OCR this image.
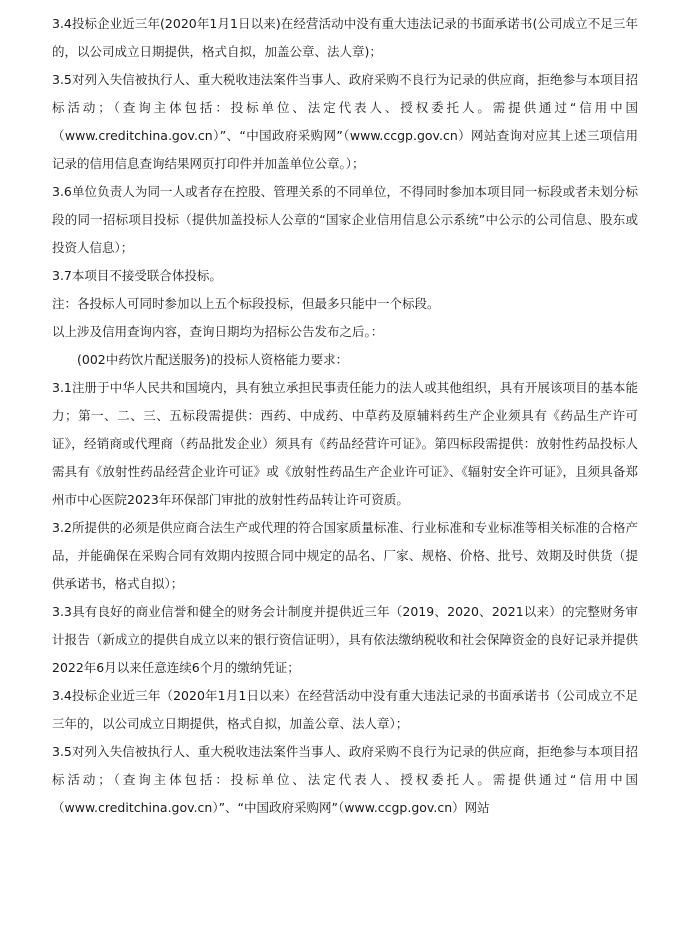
3.4投标企业近三年(2020年1月1日以来)在经营活动中没有重大违法记录的书面承诺书(公司成立不足三年的，以公司成立日期提供，格式自拟，加盖公章、法人章)；

3.5对列入失信被执行人、重大税收违法案件当事人、政府采购不良行为记录的供应商，拒绝参与本项目招标活动；（查询主体包括：投标单位、法定代表人、授权委托人。需提供通过“信用中国（www.creditchina.gov.cn）”、“中国政府采购网”（www.ccgp.gov.cn）网站查询对应其上述三项信用记录的信用信息查询结果网页打印件并加盖单位公章。）；

3.6单位负责人为同一人或者存在控股、管理关系的不同单位，不得同时参加本项目同一标段或者未划分标段的同一招标项目投标（提供加盖投标人公章的“国家企业信用信息公示系统”中公示的公司信息、股东或投资人信息）；

3.7本项目不接受联合体投标。

注：各投标人可同时参加以上五个标段投标，但最多只能中一个标段。

以上涉及信用查询内容，查询日期均为招标公告发布之后。：

(002中药饮片配送服务)的投标人资格能力要求：

3.1注册于中华人民共和国境内，具有独立承担民事责任能力的法人或其他组织，具有开展该项目的基本能力；第一、二、三、五标段需提供：西药、中成药、中草药及原辅料药生产企业须具有《药品生产许可证》，经销商或代理商（药品批发企业）须具有《药品经营许可证》。第四标段需提供：放射性药品投标人需具有《放射性药品经营企业许可证》或《放射性药品生产企业许可证》、《辐射安全许可证》，且须具备郑州市中心医院2023年环保部门审批的放射性药品转让许可资质。

3.2所提供的必须是供应商合法生产或代理的符合国家质量标准、行业标准和专业标准等相关标准的合格产品，并能确保在采购合同有效期内按照合同中规定的品名、厂家、规格、价格、批号、效期及时供货（提供承诺书，格式自拟）；

3.3具有良好的商业信誉和健全的财务会计制度并提供近三年（2019、2020、2021以来）的完整财务审计报告（新成立的提供自成立以来的银行资信证明），具有依法缴纳税收和社会保障资金的良好记录并提供2022年6月以来任意连续6个月的缴纳凭证；

3.4投标企业近三年（2020年1月1日以来）在经营活动中没有重大违法记录的书面承诺书（公司成立不足三年的，以公司成立日期提供，格式自拟，加盖公章、法人章）；

3.5对列入失信被执行人、重大税收违法案件当事人、政府采购不良行为记录的供应商，拒绝参与本项目招标活动；（查询主体包括：投标单位、法定代表人、授权委托人。需提供通过“信用中国（www.creditchina.gov.cn）”、“中国政府采购网”（www.ccgp.gov.cn）网站
